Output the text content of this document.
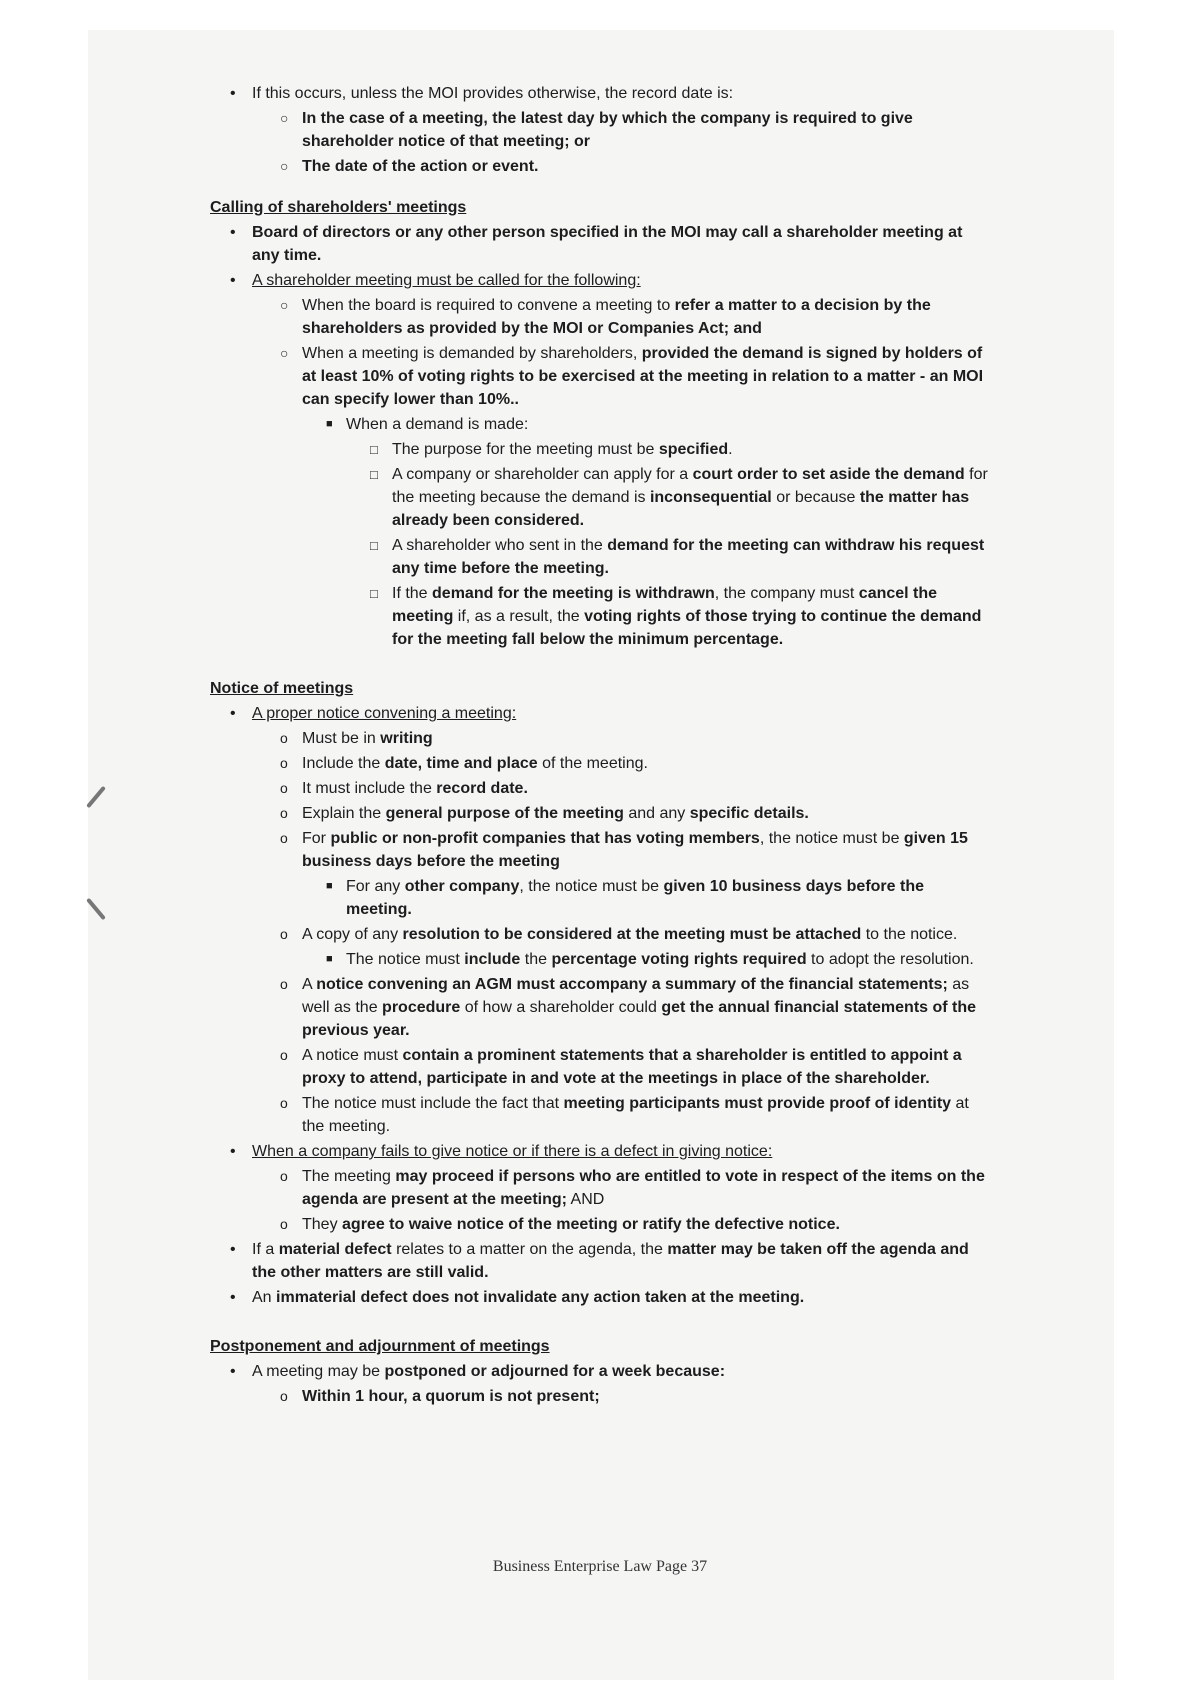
• If this occurs, unless the MOI provides otherwise, the record date is:
○ In the case of a meeting, the latest day by which the company is required to give shareholder notice of that meeting; or
○ The date of the action or event.
Calling of shareholders' meetings
• Board of directors or any other person specified in the MOI may call a shareholder meeting at any time.
• A shareholder meeting must be called for the following:
○ When the board is required to convene a meeting to refer a matter to a decision by the shareholders as provided by the MOI or Companies Act; and
○ When a meeting is demanded by shareholders, provided the demand is signed by holders of at least 10% of voting rights to be exercised at the meeting in relation to a matter - an MOI can specify lower than 10%..
■ When a demand is made:
□ The purpose for the meeting must be specified.
□ A company or shareholder can apply for a court order to set aside the demand for the meeting because the demand is inconsequential or because the matter has already been considered.
□ A shareholder who sent in the demand for the meeting can withdraw his request any time before the meeting.
□ If the demand for the meeting is withdrawn, the company must cancel the meeting if, as a result, the voting rights of those trying to continue the demand for the meeting fall below the minimum percentage.
Notice of meetings
• A proper notice convening a meeting:
o Must be in writing
o Include the date, time and place of the meeting.
o It must include the record date.
o Explain the general purpose of the meeting and any specific details.
o For public or non-profit companies that has voting members, the notice must be given 15 business days before the meeting
■ For any other company, the notice must be given 10 business days before the meeting.
o A copy of any resolution to be considered at the meeting must be attached to the notice.
■ The notice must include the percentage voting rights required to adopt the resolution.
o A notice convening an AGM must accompany a summary of the financial statements; as well as the procedure of how a shareholder could get the annual financial statements of the previous year.
o A notice must contain a prominent statements that a shareholder is entitled to appoint a proxy to attend, participate in and vote at the meetings in place of the shareholder.
o The notice must include the fact that meeting participants must provide proof of identity at the meeting.
• When a company fails to give notice or if there is a defect in giving notice:
o The meeting may proceed if persons who are entitled to vote in respect of the items on the agenda are present at the meeting; AND
o They agree to waive notice of the meeting or ratify the defective notice.
• If a material defect relates to a matter on the agenda, the matter may be taken off the agenda and the other matters are still valid.
• An immaterial defect does not invalidate any action taken at the meeting.
Postponement and adjournment of meetings
• A meeting may be postponed or adjourned for a week because:
o Within 1 hour, a quorum is not present;
Business Enterprise Law Page 37
